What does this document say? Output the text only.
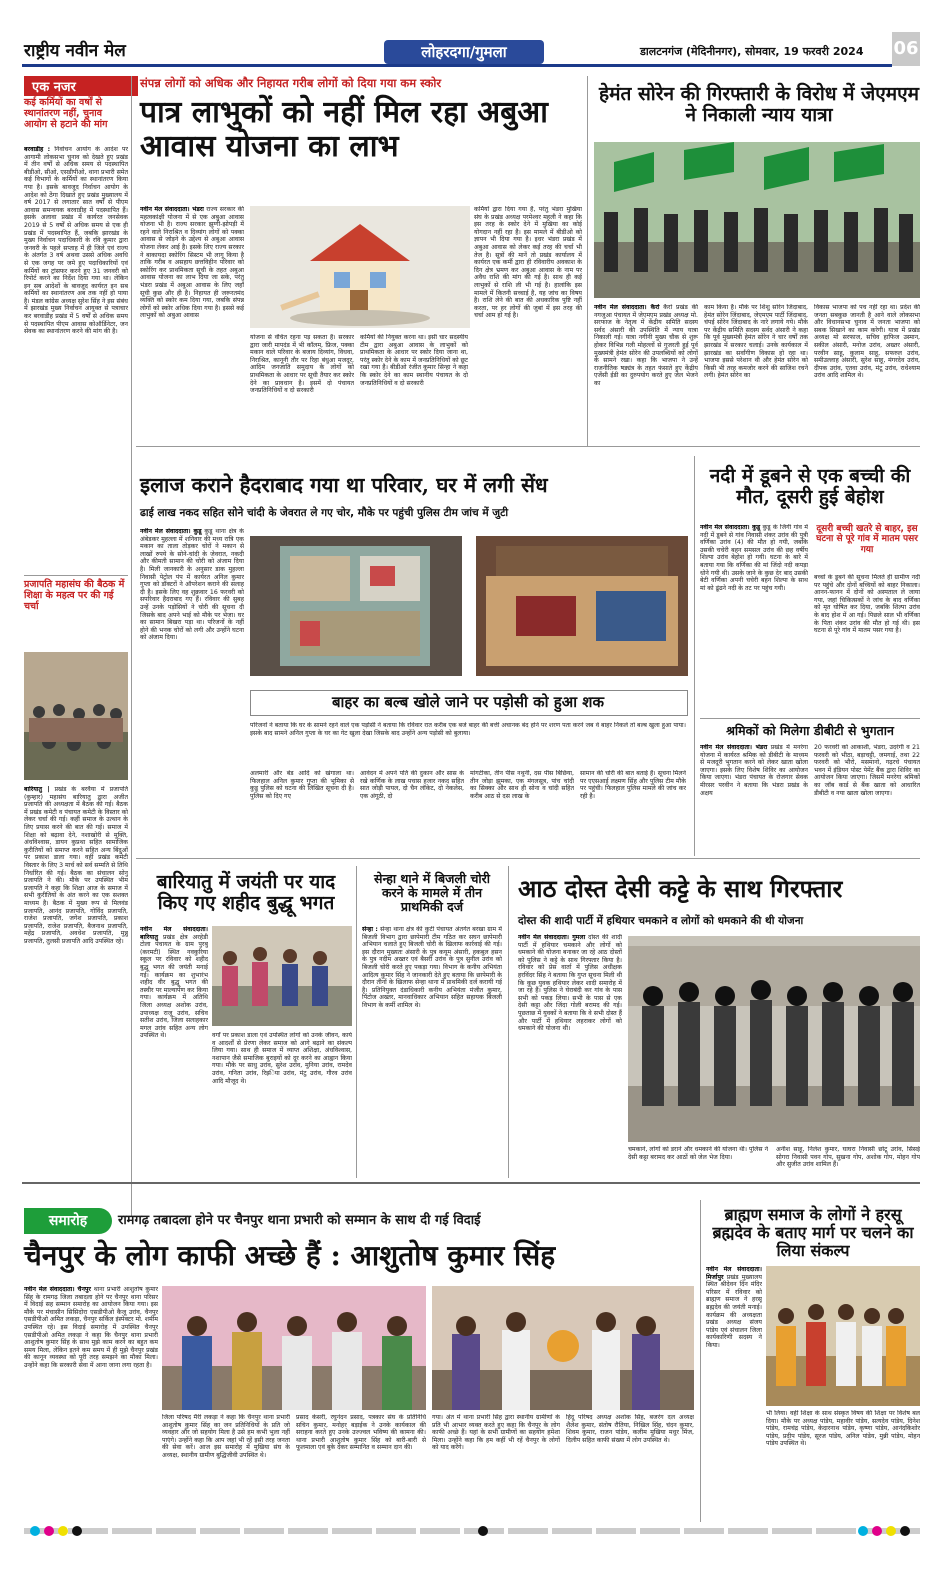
राष्ट्रीय नवीन मेल	लोहरदगा/गुमला	डालटनगंज (मेदिनीनगर), सोमवार, 19 फरवरी 2024 06
एक नजर
कई कर्मियों का वर्षों से स्थानांतरण नहीं, चुनाव आयोग से हटाने की मांग
बरवाडीह : निर्वाचन आयोग के आदेश पर आगामी लोकसभा चुनाव को देखते हुए प्रखंड में तीन वर्षों से अधिक समय से पदस्थापित बीडीओ, सीओ, एसडीपीओ, थाना प्रभारी समेत कई विभागों के कर्मियों का स्थानांतरण किया गया है। इसके बावजूद निर्वाचन आयोग के आदेश को ठेंगा दिखाते हुए प्रखंड मुख्यालय में वर्ष 2017 से लगातार सात वर्षों से पीएम आवास समन्वयक बरवाडीह में पदस्थापित हैं। इसके अलावा प्रखंड में कार्यरत जनसेवक 2019 से 5 वर्षों से अधिक समय से एक ही प्रखंड में पदस्थापित हैं, जबकि झारखंड के मुख्य निर्वाचन पदाधिकारी के रवि कुमार द्वारा जनवरी के पहले सप्ताह में ही जिले एवं राज्य के अंतर्गत 3 वर्ष अथवा उससे अधिक अवधि से एक जगह पर जमे हुए पदाधिकारियों एवं कर्मियों का ट्रांसफर करने हुए 31 जनवरी को रिपोर्ट करने का निर्देश दिया गया था। लेकिन इन सब आदेशों के बावजूद कार्यरत इन सब कर्मियों का स्थानांतरण अब तक नहीं हो पाया है। मंडल कांग्रेस अध्यक्ष सुरेश सिंह ने इस संबंध में झारखंड मुख्य निर्वाचन आयुक्त से पत्राचार कर बरवाडीह प्रखंड में 5 वर्षों से अधिक समय से पदस्थापित पीएम आवास कोऑर्डिनेटर, जन सेवक का स्थानांतरण करने की मांग की है।
प्रजापति महासंघ की बैठक में शिक्षा के महत्व पर की गई चर्चा
बारियातु | प्रखंड के बरवैया में प्रजापति (कुम्हार) महासंघ बारियातु द्वारा अजीत प्रजापति की अध्यक्षता में बैठक की गई। बैठक में प्रखंड कमेटी व पंचायत कमेटी के विस्तार को लेकर चर्चा की गई। कहीं समाज के उत्थान के लिए प्रयास करने की बात की गई। समाज में शिक्षा को बढ़ावा देने, नशाखोरी से मुक्ति, अंधविश्वास, डायन कुप्रथा सहित सामाजिक कुरीतियों को समाप्त करने सहित अन्य बिंदुओं पर प्रकाश डाला गया। वहीं प्रखंड कमेटी विस्तार के लिए 3 मार्च को सर्व सम्मति से तिथि निर्धारित की गई। बैठक का संचालन सोनु प्रजापति ने की। मौके पर उपस्थित भीम प्रजापति ने कहा कि शिक्षा आज के समाज में सभी कुरीतियों के अंत करने का एक सशक्त माध्यम है। बैठक में मुख्य रूप से मिलवंड प्रजापति, आनंद प्रजापति, गोविंद प्रजापति, राजेश प्रजापति, जगेश प्रजापति, प्रकाश प्रजापति, राजेश प्रजापति, बैजनाथ प्रजापति, महेंद्र प्रजापति, अवधेश प्रजापति, मुन्नु प्रजापति, तुलसी प्रजापति आदि उपस्थित रहे।
संपन्न लोगों को अधिक और निहायत गरीब लोगों को दिया गया कम स्कोर
पात्र लाभुकों को नहीं मिल रहा अबुआ आवास योजना का लाभ
नवीन मेल संवाददाता। भंडरा राज्य सरकार की महत्वकांक्षी योजना में से एक अबुआ आवास योजना भी है। राज्य सरकार झुग्गी-झोपड़ी में रहने वाले निराश्रित व दिव्यांग लोगों को पक्का आवास से जोड़ने के उद्देश्य से अबुआ आवास योजना लेकर आई है। इसके लिए राज्य सरकार ने बाकायदा स्कोरिंग सिस्टम भी लागू किया है ताकि गरीब व असहाय छत्तविहीन परिवार को स्कोरिंग कर प्राथमिकता सूची के तहत अबुआ आवास योजना का लाभ दिया जा सके, परंतु भंडरा प्रखंड में अबुआ आवास के लिए जहाँ सूची कुछ और ही है। निहायत ही जरूरतमंद व्यक्ति को स्कोर कम दिया गया, जबकि संपन्न लोगों को स्कोर अधिक दिया गया है। इससे कई लाभुकों को अबुआ आवास
योजना से वंचित रहना पड़ सकता है। सरकार द्वारा जारी मापदंड में भी कॉलम, फ्रिज, पक्का मकान वाले परिवार के बजाय दिव्यांग, विधवा, निराश्रित, कानूनी तौर पर रिहा बंधुआ मजदूर, आदिम जनजाति समुदाय के लोगों को प्राथमिकता के आधार पर सूची तैयार कर स्कोर देने का प्रावधान है। इसमें दो पंचायत जनप्रतिनिधियों व दो सरकारी
कर्मियों की नियुक्त करना था। इसी चार सदस्यीय टीम द्वारा अबुआ आवास के लाभुकों को प्राथमिकता के आधार पर स्कोर दिया जाना था, परंतु स्कोर देने के काम में जनप्रतिनिधियों को छूट रखा गया है। बीडीओ रंजीत कुमार सिन्हा ने कहा कि स्कोर देने का काम स्थानीय पंचायत के दो जनप्रतिनिधियों व दो सरकारी
कर्मियों द्वारा दिया गया है, परंतु भंडरा मुखिया संघ के प्रखंड अध्यक्ष परमेश्वर महली ने कहा कि इस तरह के स्कोर देने में मुखिया का कोई योगदान नहीं रहा है। इस मामले में बीडीओ को ज्ञापन भी दिया गया है। इधर भंडरा प्रखंड में अबुआ आवास को लेकर कई तरह की चर्चा भी तेज है। सूत्रों की मानें तो प्रखंड कार्यालय में कार्यरत एक कर्मी द्वारा ही रविवारीय अवकाश के दिन क्षेत्र भ्रमण कर अबुआ आवास के नाम पर अवैध राशि की मांग की गई है। साथ ही कई लाभुकों से राशि ली भी गई है। हालांकि इस मामले में कितनी सच्चाई है, यह जांच का विषय है। राशि लेने की बात की अधकारिक पुष्टि नहीं करता, पर हर लोगों की जुबां में इस तरह की चर्चा आम हो गई है।
हेमंत सोरेन की गिरफ्तारी के विरोध में जेएमएम ने निकाली न्याय यात्रा
नवीन मेल संवाददाता। कैरो कैरो प्रखंड की नगजुआ पंचायत में जेएमएम प्रखंड अध्यक्ष मो. सरफाज के नेतृत्व में केंद्रीय समिति सदस्य सर्वद अंसारी की उपस्थिति में न्याय यात्रा निकाली गई। यात्रा नगीनी मुख्य चौक से शुरू होकर विभिन्न गली मोहल्लों से गुजरती हुई पूर्व मुख्यमंत्री हेमंत सोरेन की उपलब्धियों को लोगों के सामने रखा। कहा कि भाजपा ने उन्हें राजनीतिक षड्यंत्र के तहत फंसाते हुए केंद्रीय एजेंसी ईडी का दुरुपयोग करते हुए जेल भेजने का
काम किया है। मौके पर शिशु सोरेन जिंदाबाद, हेमंत सोरेन जिंदाबाद, जेएमएम पार्टी जिंदाबाद, चंपई सोरेन जिंदाबाद के नारे लगाये गये। मौके पर केंद्रीय समिति सदस्य सर्वद अंसारी ने कहा कि पूर्व मुख्यमंत्री हेमंत सोरेन ने चार वर्षों तक झारखंड में सरकार चलाई। उनके कार्यकाल में झारखंड का सर्वांगीण विकास हो रहा था। भाजपा इससे परेशान थी और हेमंत सोरेन को किसी भी तरह कमजोर करने की साजिश रचने लगी। हेमंत सोरेन का
विकास भाजपा को पच नहीं रहा था। प्रदेश की जनता सबकुछ जानती है आने वाले लोकसभा और विधानसभा चुनाव में जनता भाजपा को सबक सिखाने का काम करेगी। यात्रा में प्रखंड अध्यक्ष मो सरफाज, सचिव हाफिज उस्मान, सकील अंसारी, मनोज उरांव, अख्तर अंसारी, परवीन साहू, कुलाम साहू, सफरुल उरांव, समीउल्लाह अंसारी, सुरेश साहू, मंगरदेव उरांव, दीपक उरांव, एतवा उरांव, मंटू उरांव, राधेश्याम उरांव आदि शामिल थे।
इलाज कराने हैदराबाद गया था परिवार, घर में लगी सेंध
ढाई लाख नकद सहित सोने चांदी के जेवरात ले गए चोर, मौके पर पहुंची पुलिस टीम जांच में जुटी
नवीन मेल संवाददाता। कुडू कुडू थाना क्षेत्र के अंबेडकर मुहल्ला में शनिवार की मध्य रात्रि एक मकान का ताला तोड़कर चोरों ने मकान से लाखों रुपये के सोने-चांदी के जेवरात, नकदी और कीमती सामान की चोरी को अंजाम दिया है। मिली जानकारी के अनुसार डाक मुहल्ला निवासी पेट्रोल पंप में कार्यरत अनिल कुमार गुप्ता को डॉक्टरों ने ऑपरेशन कराने की सलाह दी है। इसके लिए वह शुक्रवार 16 फरवरी को सपरिवार हैदराबाद गए हैं। रविवार की सुबह उन्हें उनके पड़ोसियों ने चोरी की सूचना दी जिसके बाद अपने भाई को मौके पर भेजा। घर का सामान बिखरा पड़ा था। परिजनों के नहीं होने की भनक चोरों को लगी और उन्होंने घटना को अंजाम दिया।
बाहर का बल्ब खोले जाने पर पड़ोसी को हुआ शक
परिजनों ने बताया कि घर के सामने रहने वाले एक पड़ोसी ने बताया कि रविवार रात करीब एक बजे बाहर की बत्ती अचानक बंद होने पर शरण पता करने जब वे बाहर निकले तो बल्ब खुला हुआ पाया। इसके बाद सामने अनिल गुप्ता के घर का गेट खुला देखा जिसके बाद उन्होंने अन्य पड़ोसी को बुलाया।
अलमारी और बेड आदि को खंगाला था। फिलहाल अनिल कुमार गुप्ता की भूमिका से कुडू पुलिस को घटना की लिखित सूचना दी है। पुलिस को दिए गए
आवेदन में अपने पति की दुकान और सास के रखे कर्णिक के लाख पचास हजार नकद सहित सात जोड़ी पायल, दो चैन लॉकेट, दो नेकलेस, एक अंगूठी, दो
मांगटीका, तीन पीस नथुनी, दस पीस बिछिया, तीन जोड़ा झुमका, एक मंगलसूत्र, पांच चांदी का सिक्का और साथ ही सोना व चांदी सहित करीब आठ से दस लाख के
सामान की चोरी की बात बताई है। सूचना मिलने पर एएसआई लक्ष्मण सिंह और पुलिस टीम मौके पर पहुंची। फिलहाल पुलिस मामले की जांच कर रही है।
नदी में डूबने से एक बच्ची की मौत, दूसरी हुई बेहोश
नवीन मेल संवाददाता। कुडू कुडू के जिंगी गांव में नदी में डूबने से गांव निवासी शंकर उरांव की पुत्री वर्णिका उरांव (4) की मौत हो गयी, जबकि उसकी चचेरी बहन समसल उरांव की छह वर्षीय शिल्पा उरांव बेहोश हो गयी। घटना के बारे में बताया गया कि वर्णिका की मां जिंदो नदी कपड़ा धोने गयी थी। उसके जाने के कुछ देर बाद उसकी बेटी वर्णिका अपनी चचेरी बहन शिल्पा के साथ मां को ढूंढने नदी के तट पर पहुंच गयी।
दूसरी बच्ची खतरे से बाहर, इस घटना से पूरे गांव में मातम पसर गया
बच्चों के डूबने की सूचना मिलते ही ग्रामीण नदी पर पहुंचे और दोनों बच्चियों को बाहर निकाला। आनन-फानन में दोनों को अस्पताल ले जाया गया, जहां चिकित्सकों ने जांच के बाद वर्णिका को मृत घोषित कर दिया, जबकि शिल्पा उरांव के बाद होश में आ गई। पिछले साल भी वर्णिका के पिता शंकर उरांव की मौत हो गई थी। इस घटना से पूरे गांव में मातम पसर गया है।
श्रमिकों को मिलेगा डीबीटी से भुगतान
नवीन मेल संवाददाता। भंडरा प्रखंड में मनरेगा योजना में कार्यरत श्रमिक को डीबीटी के माध्यम से मजदूरी भुगतान करने को लेकर खाता खोला जाएगा। इसके लिए विशेष शिविर का आयोजन किया जाएगा। भंडरा पंचायत के रोजगार सेवक मीरसर परवीन ने बताया कि भंडरा प्रखंड के अक्षय
20 फरवरी को आकाशी, भंडरा, उदरंगी व 21 फरवरी को भीठा, बड़ाचट्टी, जमगाई, तथा 22 फरवरी को भौरो, मसमानो, गढ़रचे पंचायत भवन में इंडियन पोस्ट पेमेंट बैंक द्वारा शिविर का आयोजन किया जाएगा। जिसमें मनरेगा श्रमिकों का जॉब कार्ड से बैंक खाता को आधारित डीबीटी व नया खाता खोला जाएगा।
बारियातु में जयंती पर याद किए गए शहीद बुद्धू भगत
नवीन मेल संवाददाता। बारियातु प्रखंड क्षेत्र अरहेडी टोला पंचायत के ग्राम पुरबु (करमटी) स्थित नवकुरिया स्कूल पर रविवार को शहीद बुद्धू भगत की जयंती मनाई गई। कार्यक्रम का शुभारंभ शहीद वीर बुद्धू भगत की तस्वीर पर माल्यार्पण कर किया गया। कार्यक्रम में अतिथि जिला अध्यक्ष अशोक उरांव, उपाध्यक्ष राजू उरांव, सचिव सतीश उरांव, जिला सलाहकार मगल उरांव सहित अन्य लोग उपस्थित थे।	वर्गों पर प्रकाश डाला एवं उपस्थित लोगों को उनके जीवन, कार्य व आदर्शों से प्रेरणा लेकर समाज को आगे बढ़ाने का संकल्प लिया गया। साथ ही समाज में व्याप्त अशिक्षा, अंधविश्वास, नशापान जैसे समाजिक बुराइयों को दूर करने का आह्वान किया गया। मौके पर साधु उरांव, सुरेश उरांव, मुनिया उरांव, रामदेव उरांव, गनिता उरांव, रिझ्‍िया उरांव, मंटु उरांव, गौरव उरांव आदि मौजूद थे।
सेन्हा थाने में बिजली चोरी करने के मामले में तीन प्राथमिकी दर्ज
सेन्हा : सेन्हा थाना क्षेत्र की कुटी पंचायत अंतर्गत बरखा ग्राम में बिजली विभाग द्वारा छापेमारी टीम गठित कर सघन छापेमारी अभियान चलाते हुए बिजली चोरी के खिलाफ कार्रवाई की गई। इस दौरान मुख्यतः अंसारी के पुत्र कयूम अंसारी, हकबुल हसन के पुत्र नदीम अख्तर एवं बैसरी उरांव के पुत्र सुनील उरांव को बिजली चोरी करते हुए पकड़ा गया। विभाग के कनीय अभियंता आदित्य कुमार सिंह ने जानकारी देते हुए बताया कि छापेमारी के दौरान तीनों के खिलाफ सेन्हा थाना में प्राथमिकी दर्ज करायी गई है। प्रतिनियुक्त दंडाधिकारी कनीय अभियंता मंजीत कुमार, पिंटोज अख्तर, मानवाधिकार अभियान सहित सहायक बिजली विभाग के कर्मी शामिल थे।
आठ दोस्त देसी कट्टे के साथ गिरफ्तार
दोस्त की शादी पार्टी में हथियार चमकाने व लोगों को धमकाने की थी योजना
नवीन मेल संवाददाता। गुमला दोस्त की शादी पार्टी में हथियार चमकाने और लोगों को धमकाने की योजना बनाकर जा रहे आठ दोस्तों को पुलिस ने कट्टे के साथ गिरफ्तार किया है। रविवार को प्रेस वार्ता में पुलिस अधीक्षक हरविंदर सिंह ने बताया कि गुप्त सूचना मिली थी कि कुछ युवक हथियार लेकर शादी समारोह में जा रहे हैं। पुलिस ने घेराबंदी कर गांव के पास सभी को पकड़ लिया। सभी के पास से एक देसी कट्टा और जिंदा गोली बरामद की गई। पूछताछ में युवकों ने बताया कि वे सभी दोस्त हैं और पार्टी में हथियार लहराकर लोगों को धमकाने की योजना थी।
चमकाने, लोगों को डराने और धमकाने की योजना थी। पुलिस ने देसी कट्टा बरामद कर आठों को जेल भेज दिया।
अनीश साहू, निलेश कुमार, घाघरा निवासी छोटू उरांव, सिसई सोगरा निवासी पवन गोप, सुखना गोप, अशोक गोप, मोहन गोप और सुजीत उरांव शामिल हैं।
समारोह	रामगढ़ तबादला होने पर चैनपुर थाना प्रभारी को सम्मान के साथ दी गई विदाई
चैनपुर के लोग काफी अच्छे हैं : आशुतोष कुमार सिंह
नवीन मेल संवाददाता। चैनपुर थाना प्रभारी आशुतोष कुमार सिंह के रामगढ़ जिला तबादला होने पर चैनपुर थाना परिसर में विदाई सह सम्मान समारोह का आयोजन किया गया। इस मौके पर मंचासीन सिसिदोरा एसडीपीओ कैजू उरांव, चैनपुर एसडीपीओ अमित लकड़ा, चैनपुर सर्किल इंस्पेक्टर मो. शमीम उपस्थित रहे। इस विदाई समारोह में उपस्थित चैनपुर एसडीपीओ अमित लकड़ा ने कहा कि चैनपुर थाना प्रभारी आशुतोष कुमार सिंह के साथ मुझे काम करने का बहुत कम समय मिला, लेकिन इतने कम समय में ही मुझे चैनपुर प्रखंड की कानून व्यवस्था को पूरी तरह समझने का मौका मिला। उन्होंने कहा कि सरकारी सेवा में आना जाना लगा रहता है।
जिला परिषद मैरी लकड़ा ने कहा कि चैनपुर थाना प्रभारी आशुतोष कुमार सिंह का जन प्रतिनिधियों के प्रति जो व्यवहार और जो सहयोग मिला है उसे हम कभी भुला नहीं पाएंगे। उन्होंने कहा कि आप जहां भी रहें इसी तरह जनता की सेवा करें। आज इस समारोह में मुखिया संघ के अध्यक्ष, स्थानीय ग्रामीण बुद्धिजीवी उपस्थित थे।
प्रसाद केसरी, रघुनंदन प्रसाद, पत्रकार संघ के प्रतिनिधि सचिन कुमार, मनोहर बड़ाईक ने उनके कार्यकाल की सराहना करते हुए उनके उज्ज्वल भविष्य की कामना की। थाना प्रभारी आशुतोष कुमार सिंह को बारी-बारी से फूलमाला एवं बुके देकर सम्मानित व सम्मान दान की।
गया। अंत में थाना प्रभारी सिंह द्वारा स्थानीय ग्रामीणों के प्रति भी आभार व्यक्त करते हुए कहा कि चैनपुर के लोग काफी अच्छे हैं। यहां के सभी ग्रामीणों का सहयोग हमेशा मिला। उन्होंने कहा कि हम कहीं भी रहें चैनपुर के लोगों को याद करेंगे।
हिंदू परिषद अध्यक्ष अशोक सिंह, बजरंग दल अध्यक्ष शैलेश कुमार, संतोष रौतिया, निखिल सिंह, चंदन कुमार, शिवम कुमार, राजन पांडेय, कलीम मुखिया मधुर मिंज, दिलीप सहित काफी संख्या में लोग उपस्थित थे।
ब्राह्मण समाज के लोगों ने हरसू ब्रह्मदेव के बताए मार्ग पर चलने का लिया संकल्प
नवीन मेल संवाददाता। मिर्जापुर प्रखंड मुख्यालय स्थित श्रीदेवन दिन मंदिर परिसर में रविवार को ब्राह्मण समाज ने हरसू ब्रह्मदेव की जयंती मनाई। कार्यक्रम की अध्यक्षता प्रखंड अध्यक्ष संजय पांडेय एवं संचालन जिला कार्यकारिणी सदस्य ने किया।
भी लिया। वहीं शिक्षा के साथ संस्कृत विषय की शिक्षा पर विशेष बल दिया। मौके पर अध्यक्ष पांडेय, महावीर पांडेय, सत्यदेव पांडेय, दिनेश पांडेय, रामचंद्र पांडेय, केदारनाथ पांडेय, कृष्णा पांडेय, आनंदकिशोर पांडेय, प्रदीप पांडेय, सूरज पांडेय, अनिल पांडेय, मुन्नी पांडेय, मोहन पांडेय उपस्थित थे।
